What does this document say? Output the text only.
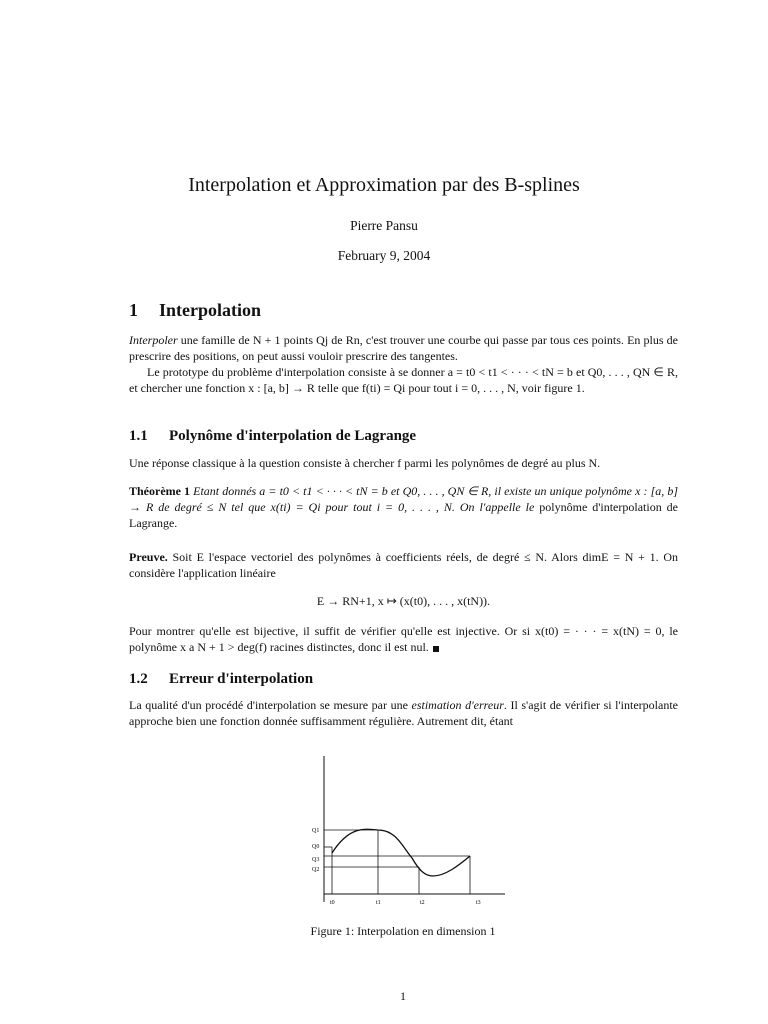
Interpolation et Approximation par des B-splines
Pierre Pansu
February 9, 2004
1 Interpolation
Interpoler une famille de N + 1 points Qj de Rn, c'est trouver une courbe qui passe par tous ces points. En plus de prescrire des positions, on peut aussi vouloir prescrire des tangentes.
Le prototype du problème d'interpolation consiste à se donner a = t0 < t1 < · · · < tN = b et Q0, . . . , QN ∈ R, et chercher une fonction x : [a, b] → R telle que f(ti) = Qi pour tout i = 0, . . . , N, voir figure 1.
1.1 Polynôme d'interpolation de Lagrange
Une réponse classique à la question consiste à chercher f parmi les polynômes de degré au plus N.
Théorème 1 Etant donnés a = t0 < t1 < · · · < tN = b et Q0, . . . , QN ∈ R, il existe un unique polynôme x : [a, b] → R de degré ≤ N tel que x(ti) = Qi pour tout i = 0, . . . , N. On l'appelle le polynôme d'interpolation de Lagrange.
Preuve. Soit E l'espace vectoriel des polynômes à coefficients réels, de degré ≤ N. Alors dimE = N + 1. On considère l'application linéaire
E → RN+1, x ↦ (x(t0), . . . , x(tN)).
Pour montrer qu'elle est bijective, il suffit de vérifier qu'elle est injective. Or si x(t0) = · · · = x(tN) = 0, le polynôme x a N + 1 > deg(f) racines distinctes, donc il est nul.
1.2 Erreur d'interpolation
La qualité d'un procédé d'interpolation se mesure par une estimation d'erreur. Il s'agit de vérifier si l'interpolante approche bien une fonction donnée suffisamment régulière. Autrement dit, étant
Q1
Q0
Q3
Q2
t0	t1	t2	t3
Figure 1: Interpolation en dimension 1
1
